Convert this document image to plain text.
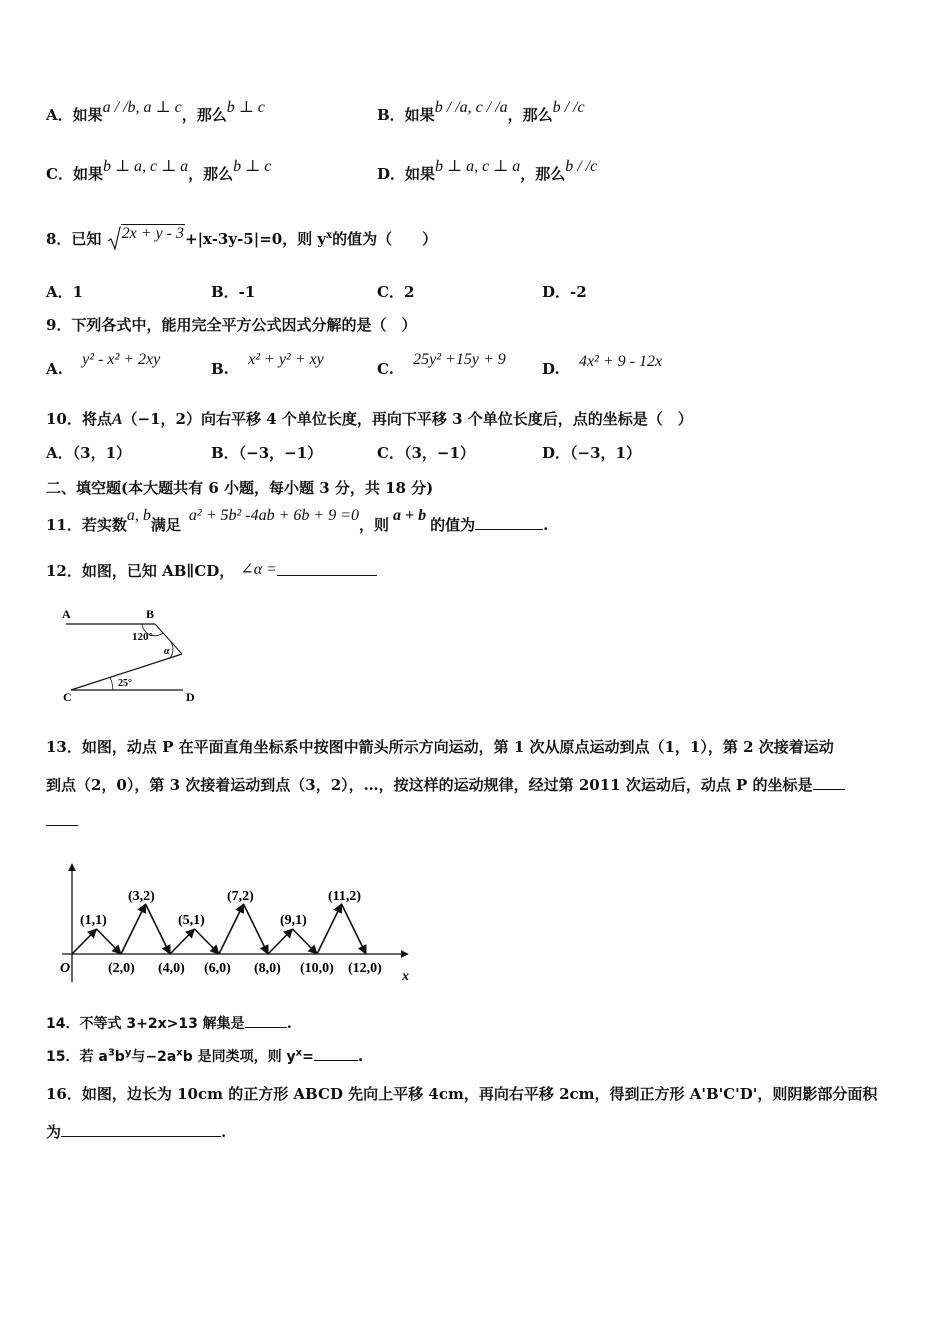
A．如果a / /b, a ⊥ c，那么b ⊥ c	B．如果b / /a, c / /a，那么b / /c
C．如果b ⊥ a, c ⊥ a，那么b ⊥ c	D．如果b ⊥ a, c ⊥ a，那么b / /c
8．已知 2x + y - 3+|x-3y-5|=0，则 $y^x$的值为（　　）
A．1	B．-1	C．2	D．-2
9．下列各式中，能用完全平方公式因式分解的是（　）
A. y² - x² + 2xy
B. x² + y² + xy
C. 25y² +15y + 9
D. 4x² + 9 - 12x
10．将点A（−1，2）向右平移 4 个单位长度，再向下平移 3 个单位长度后，点的坐标是（　）
A．（3，1）	B．（−3，−1）	C．（3，−1）	D．（−3，1）
二、填空题(本大题共有 6 小题，每小题 3 分，共 18 分)
11．若实数a, b满足a² + 5b² -4ab + 6b + 9 =0，则a + b的值为	.
12．如图，已知 AB∥CD， ∠α =
A	B
C	D
120°
α
25°
13．如图，动点 P 在平面直角坐标系中按图中箭头所示方向运动，第 1 次从原点运动到点（1，1），第 2 次接着运动
到点（2，0），第 3 次接着运动到点（3，2），…，按这样的运动规律，经过第 2011 次运动后，动点 P 的坐标是
O
x
(1,1)
(3,2)
(5,1)
(7,2)
(9,1)
(11,2)
(2,0) (4,0) (6,0) (8,0) (10,0) (12,0)
14．不等式 3+2x>13 解集是	.
15．若 $a^3b^y$与$-2a^xb$ 是同类项，则 $y^x=$	.
16．如图，边长为 10cm 的正方形 ABCD 先向上平移 4cm，再向右平移 2cm，得到正方形 A'B'C'D'，则阴影部分面积
为	.
